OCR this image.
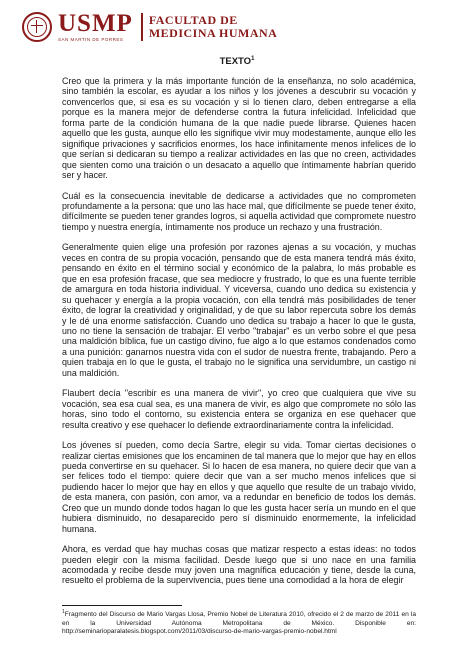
USMP
SAN MARTIN DE PORRES
FACULTAD DE
MEDICINA HUMANA
TEXTO$^1$

Creo que la primera y la más importante función de la enseñanza, no solo académica, sino también la escolar, es ayudar a los niños y los jóvenes a descubrir su vocación y convencerlos que, si esa es su vocación y si lo tienen claro, deben entregarse a ella porque es la manera mejor de defenderse contra la futura infelicidad. Infelicidad que forma parte de la condición humana de la que nadie puede librarse. Quienes hacen aquello que les gusta, aunque ello les signifique vivir muy modestamente, aunque ello les signifique privaciones y sacrificios enormes, los hace infinitamente menos infelices de lo que serían si dedicaran su tiempo a realizar actividades en las que no creen, actividades que sienten como una traición o un desacato a aquello que íntimamente habrían querido ser y hacer.

Cuál es la consecuencia inevitable de dedicarse a actividades que no comprometen profundamente a la persona: que uno las hace mal, que difícilmente se puede tener éxito, difícilmente se pueden tener grandes logros, si aquella actividad que compromete nuestro tiempo y nuestra energía, íntimamente nos produce un rechazo y una frustración.

Generalmente quien elige una profesión por razones ajenas a su vocación, y muchas veces en contra de su propia vocación, pensando que de esta manera tendrá más éxito, pensando en éxito en el término social y económico de la palabra, lo más probable es que en esa profesión fracase, que sea mediocre y frustrado, lo que es una fuente terrible de amargura en toda historia individual. Y viceversa, cuando uno dedica su existencia y su quehacer y energía a la propia vocación, con ella tendrá más posibilidades de tener éxito, de lograr la creatividad y originalidad, y de que su labor repercuta sobre los demás y le dé una enorme satisfacción. Cuando uno dedica su trabajo a hacer lo que le gusta, uno no tiene la sensación de trabajar. El verbo "trabajar" es un verbo sobre el que pesa una maldición bíblica, fue un castigo divino, fue algo a lo que estamos condenados como a una punición: ganarnos nuestra vida con el sudor de nuestra frente, trabajando. Pero a quien trabaja en lo que le gusta, el trabajo no le significa una servidumbre, un castigo ni una maldición.

Flaubert decía "escribir es una manera de vivir", yo creo que cualquiera que vive su vocación, sea esa cual sea, es una manera de vivir, es algo que compromete no sólo las horas, sino todo el contorno, su existencia entera se organiza en ese quehacer que resulta creativo y ese quehacer lo defiende extraordinariamente contra la infelicidad.

Los jóvenes sí pueden, como decía Sartre, elegir su vida. Tomar ciertas decisiones o realizar ciertas emisiones que los encaminen de tal manera que lo mejor que hay en ellos pueda convertirse en su quehacer. Si lo hacen de esa manera, no quiere decir que van a ser felices todo el tiempo: quiere decir que van a ser mucho menos infelices que si pudiendo hacer lo mejor que hay en ellos y que aquello que resulte de un trabajo vivido, de esta manera, con pasión, con amor, va a redundar en beneficio de todos los demás. Creo que un mundo donde todos hagan lo que les gusta hacer sería un mundo en el que hubiera disminuido, no desaparecido pero sí disminuido enormemente, la infelicidad humana.

Ahora, es verdad que hay muchas cosas que matizar respecto a estas ideas: no todos pueden elegir con la misma facilidad. Desde luego que si uno nace en una familia acomodada y recibe desde muy joven una magnífica educación y tiene, desde la cuna, resuelto el problema de la supervivencia, pues tiene una comodidad a la hora de elegir

$^1$Fragmento del Discurso de Mario Vargas Llosa, Premio Nobel de Literatura 2010, ofrecido el 2 de marzo de 2011 en la en la Universidad Autónoma Metropolitana de México. Disponible en: http://seminarioparalatesis.blogspot.com/2011/03/discurso-de-mario-vargas-premio-nobel.html
